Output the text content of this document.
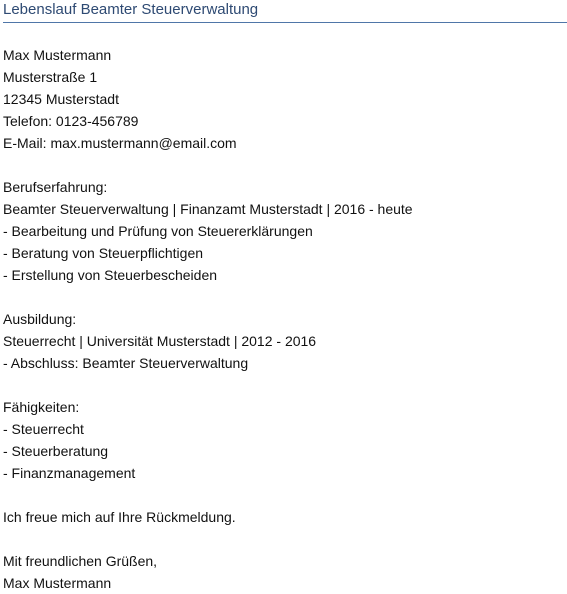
Lebenslauf Beamter Steuerverwaltung
Max Mustermann
Musterstraße 1
12345 Musterstadt
Telefon: 0123-456789
E-Mail: max.mustermann@email.com
Berufserfahrung:
Beamter Steuerverwaltung | Finanzamt Musterstadt | 2016 - heute
- Bearbeitung und Prüfung von Steuererklärungen
- Beratung von Steuerpflichtigen
- Erstellung von Steuerbescheiden
Ausbildung:
Steuerrecht | Universität Musterstadt | 2012 - 2016
- Abschluss: Beamter Steuerverwaltung
Fähigkeiten:
- Steuerrecht
- Steuerberatung
- Finanzmanagement
Ich freue mich auf Ihre Rückmeldung.
Mit freundlichen Grüßen,
Max Mustermann
